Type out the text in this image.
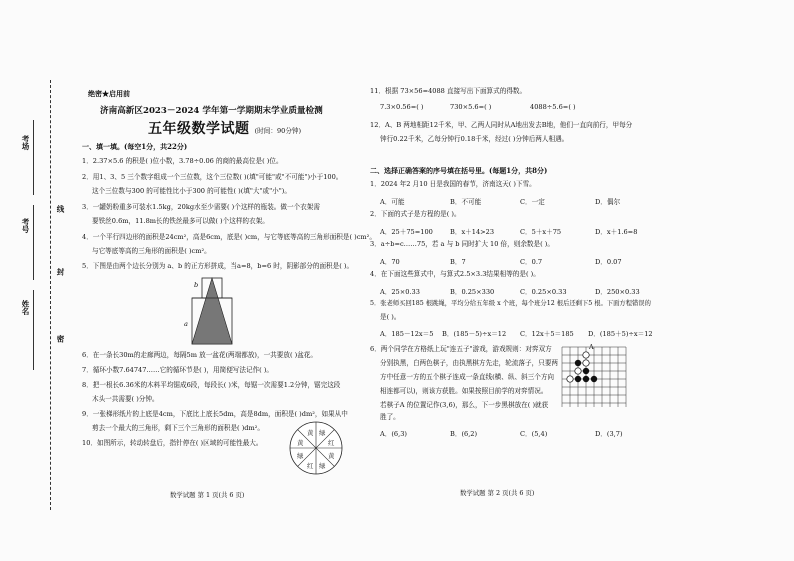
考场
考号
姓名
线
封
密
绝密★启用前
济南高新区2023－2024 学年第一学期期末学业质量检测
五年级数学试题 (时间：90分钟)
一、填一填。(每空1分，共22分)
1．2.37×5.6 的积是( )位小数，3.78÷0.06 的商的最高位是( )位。
2．用1、3、5 三个数字组成一个三位数，这个三位数( )(填"可能"或"不可能")小于100。
这个三位数与300 的可能性比小于300 的可能性( )(填"大"或"小")。
3．一罐奶粉重多可装水1.5kg，20kg水至少需要( )个这样的瓶装。做一个衣架需
要铁丝0.6m，11.8m长的铁丝最多可以做( )个这样的衣架。
4．一个平行四边形的面积是24cm²，高是6cm，底是( )cm，与它等底等高的三角形面积是( )cm²。
与它等底等高的三角形的面积是( )cm²。
5．下图是由两个边长分别为 a、b 的正方形拼成，当a=8，b=6 时，阴影部分的面积是( )。
b
a
6．在一条长30m的走廊两边，每隔5m 放一盆花(两端都放)，一共要放( )盆花。
7．循环小数7.64747……它的循环节是( )，用简便写法记作( )。
8．把一根长6.36米的木料平均锯成6段，每段长( )米，每锯一次需要1.2分钟，锯完这段
木头一共需要( )分钟。
9．一张梯形纸片的上底是4cm，下底比上底长5dm，高是8dm，面积是( )dm²，如果从中
剪去一个最大的三角形，剩下三个三角形的面积是( )dm²。
10．如图所示，转动转盘后，指针停在( )区域的可能性最大。
黄 绿
红
黄
绿
红
绿
黄
数学试题 第 1 页(共 6 页)
11．根据 73×56=4088 直接写出下面算式的得数。
7.3×0.56=( )	730×5.6=( )	4088÷5.6=( )
12．A、B 两地相距12千米，甲、乙两人同时从A地出发去B地，他们一直向前行，甲每分
钟行0.22千米，乙每分钟行0.18千米，经过( )分钟后两人相遇。
二、选择正确答案的序号填在括号里。(每题1分，共8分)
1．2024 年2 月10 日是我国的春节，济南这天( )下雪。
A．可能	B．不可能	C．一定	D．偶尔
2．下面的式子是方程的是( )。
A．25＋75=100	B．x＋14>23	C．5＋x＋75	D．x＋1.6=8
3．a÷b=c……75，若 a 与 b 同时扩大 10 倍，则余数是( )。
A．70	B．7	C．0.7	D．0.07
4．在下面这些算式中，与算式2.5×3.3结果相等的是( )。
A．25×0.33	B．0.25×330	C．0.25×0.33	D．250×0.33
5．张老师买回185 根跳绳，平均分给五年级 x 个班，每个班分12 根后还剩下5 根。下面方程错误的
是( )。
A．185－12x＝5 B．(185－5)÷x＝12 C．12x＋5＝185 D．(185＋5)÷x＝12
6．两个同学在方格纸上玩"连五子"游戏，游戏规则：对弈双方
分别执黑，白两色棋子，由执黑棋方先走，轮流落子，只要两
方中任意一方的五个棋子连成一条直线(横、纵、斜三个方向
相连都可以)，则该方获胜。如果按照目前学的对弈情况。
若棋子A 的位置记作(3,6)，那么，下一步黑棋放在( )就获
胜了。
A．(6,3)	B．(6,2)	C．(5,4)	D．(3,7)
A
数学试题 第 2 页(共 6 页)
